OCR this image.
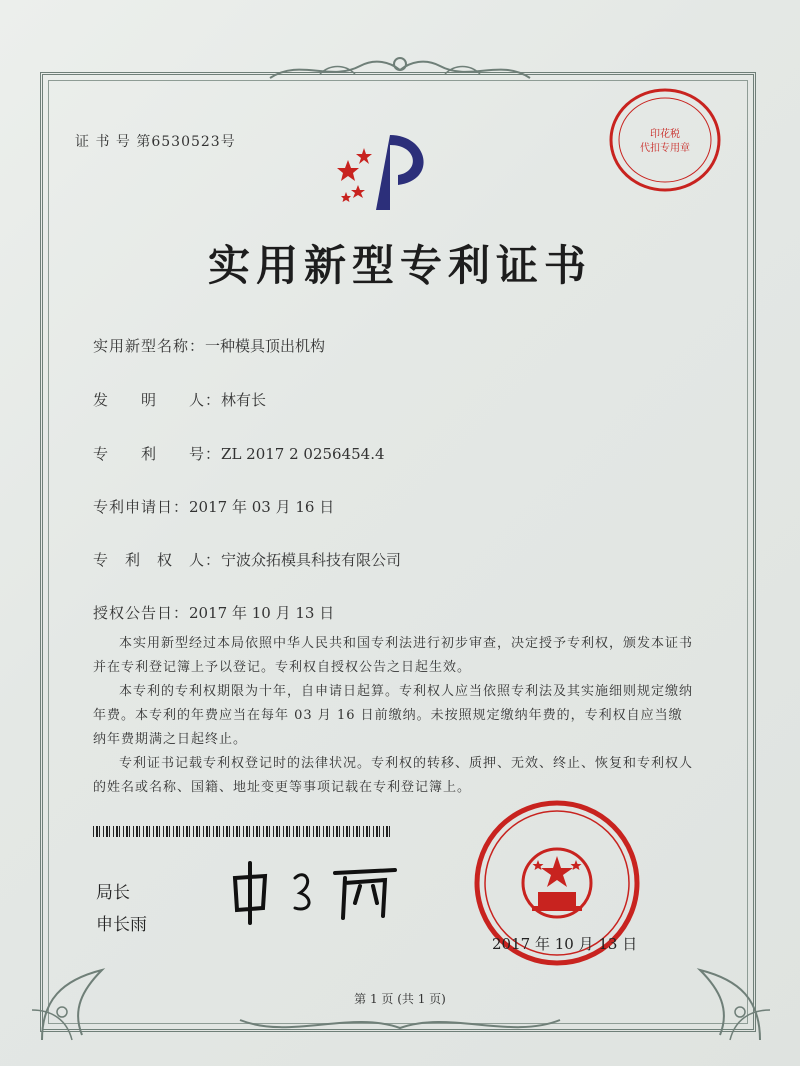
证 书 号 第6530523号	印花税
代扣专用章
实用新型专利证书
实用新型名称：一种模具顶出机构
发　　明　　人：林有长
专　　利　　号：ZL 2017 2 0256454.4
专利申请日：2017 年 03 月 16 日
专　利　权　人：宁波众拓模具科技有限公司
授权公告日：2017 年 10 月 13 日

本实用新型经过本局依照中华人民共和国专利法进行初步审查，决定授予专利权，颁发本证书并在专利登记簿上予以登记。专利权自授权公告之日起生效。

本专利的专利权期限为十年，自申请日起算。专利权人应当依照专利法及其实施细则规定缴纳年费。本专利的年费应当在每年 03 月 16 日前缴纳。未按照规定缴纳年费的，专利权自应当缴纳年费期满之日起终止。

专利证书记载专利权登记时的法律状况。专利权的转移、质押、无效、终止、恢复和专利权人的姓名或名称、国籍、地址变更等事项记载在专利登记簿上。

局长
申长雨
2017 年 10 月 13 日
第 1 页 (共 1 页)
